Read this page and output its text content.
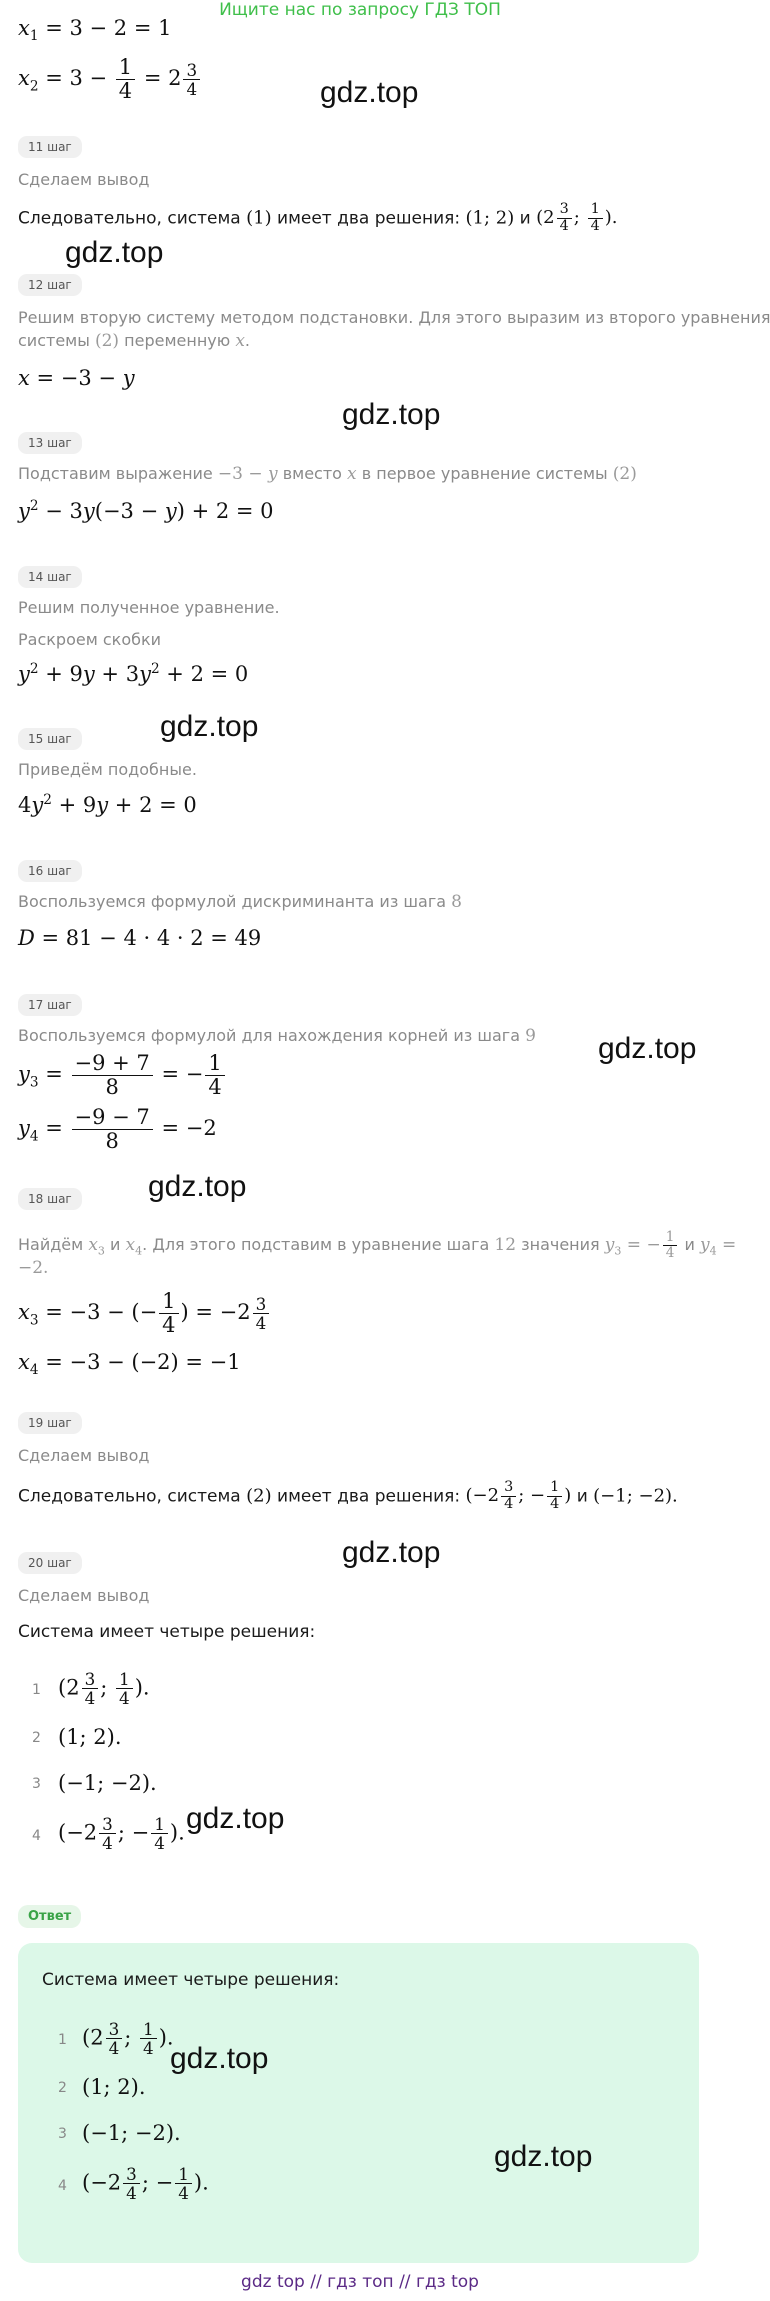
Ищите нас по запросу ГДЗ ТОП
$x_1 = 3 - 2 = 1$
$x_2 = 3 - \frac{1}{4} = 2 \frac{3}{4}$	gdz.top
11 шаг
Сделаем вывод
Следовательно, система (1) имеет два решения: (1; 2) и ($2 \frac{3}{4}$ ; $\frac{1}{4}$ ).
gdz.top
12 шаг
Решим вторую систему методом подстановки. Для этого выразим из второго уравнения
системы (2) переменную x.
x = −3 − y
gdz.top
13 шаг
Подставим выражение −3 − y вместо x в первое уравнение системы (2)
$y^2 - 3y(-3 - y) + 2 = 0$
14 шаг
Решим полученное уравнение.
Раскроем скобки
$y^2 + 9y + 3y^2 + 2 = 0$
15 шаг	gdz.top
Приведём подобные.
$4y^2 + 9y + 2 = 0$
16 шаг
Воспользуемся формулой дискриминанта из шага 8
D = 81 − 4 · 4 · 2 = 49
17 шаг
Воспользуемся формулой для нахождения корней из шага 9 gdz.top
$y_3 = \frac{-9 + 7}{8}$ = − $\frac{1}{4}$
$y_4 = \frac{-9 - 7}{8} = -2$
18 шаг	gdz.top
Найдём $x_3$ и $x_4$. Для этого подставим в уравнение шага 12 значения $y_3$ = − $\frac{1}{4}$ и $y_4$ =
−2.
$x_3 = -3$ − (− $\frac{1}{4}$ ) = $-2 \frac{3}{4}$
$x_4 = -3 - (-2) = -1$
19 шаг
Сделаем вывод
Следовательно, система (2) имеет два решения: ($-2 \frac{3}{4}$ ; − $\frac{1}{4}$ ) и (−1; −2).
20 шаг	gdz.top
Сделаем вывод
Система имеет четыре решения:
1 ($2 \frac{3}{4}$ ; $\frac{1}{4}$ ).
2 (1; 2).
3 (−1; −2).
4 ($-2 \frac{3}{4}$ ; − $\frac{1}{4}$ ). gdz.top
Ответ
Система имеет четыре решения:
1 ($2 \frac{3}{4}$ ; $\frac{1}{4}$ ).
gdz.top
2 (1; 2).
3 (−1; −2).
gdz.top
4 ($-2 \frac{3}{4}$ ; − $\frac{1}{4}$ ).
gdz top // гдз топ // гдз top
